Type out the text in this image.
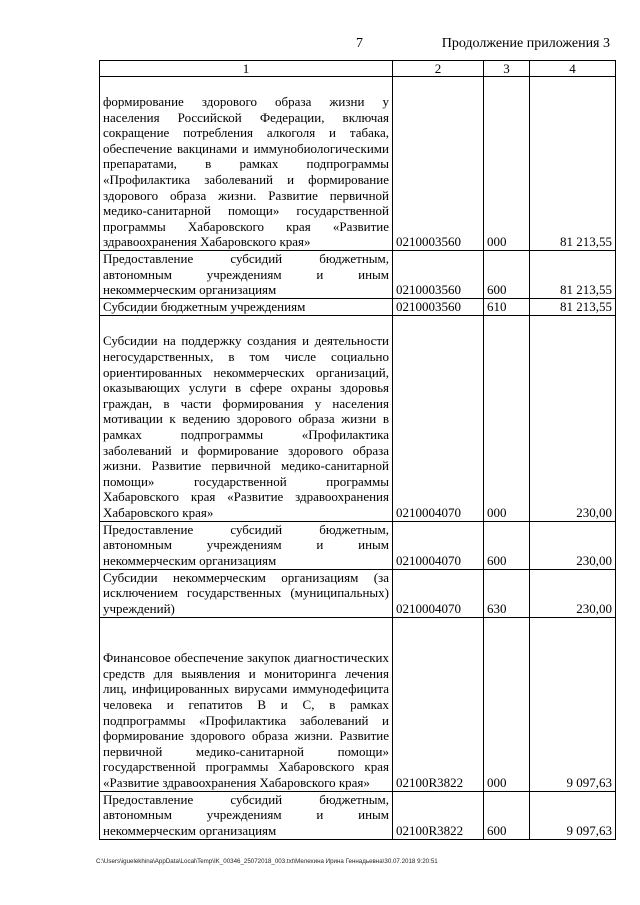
7	Продолжение приложения 3
1	2	3	4
формирование здорового образа жизни у населения Российской Федерации, включая сокращение потребления алкоголя и табака, обеспечение вакцинами и иммунобиологическими препаратами, в рамках подпрограммы «Профилактика заболеваний и формирование здорового образа жизни. Развитие первичной медико-санитарной помощи» государственной программы Хабаровского края «Развитие здравоохранения Хабаровского края»	0210003560	000	81 213,55
Предоставление субсидий бюджетным, автономным учреждениям и иным некоммерческим организациям	0210003560	600	81 213,55
Субсидии бюджетным учреждениям	0210003560	610	81 213,55
Субсидии на поддержку создания и деятельности негосударственных, в том числе социально ориентированных некоммерческих организаций, оказывающих услуги в сфере охраны здоровья граждан, в части формирования у населения мотивации к ведению здорового образа жизни в рамках подпрограммы «Профилактика заболеваний и формирование здорового образа жизни. Развитие первичной медико-санитарной помощи» государственной программы Хабаровского края «Развитие здравоохранения Хабаровского края»	0210004070	000	230,00
Предоставление субсидий бюджетным, автономным учреждениям и иным некоммерческим организациям	0210004070	600	230,00
Субсидии некоммерческим организациям (за исключением государственных (муниципальных) учреждений)	0210004070	630	230,00
Финансовое обеспечение закупок диагностических средств для выявления и мониторинга лечения лиц, инфицированных вирусами иммунодефицита человека и гепатитов B и C, в рамках подпрограммы «Профилактика заболеваний и формирование здорового образа жизни. Развитие первичной медико-санитарной помощи» государственной программы Хабаровского края «Развитие здравоохранения Хабаровского края»	02100R3822	000	9 097,63
Предоставление субсидий бюджетным, автономным учреждениям и иным некоммерческим организациям	02100R3822	600	9 097,63
C:\Users\iguelekhina\AppData\Local\Temp\IK_00346_25072018_003.txt\Мелехина Ирина Геннадьевна\30.07.2018 9:20:51
